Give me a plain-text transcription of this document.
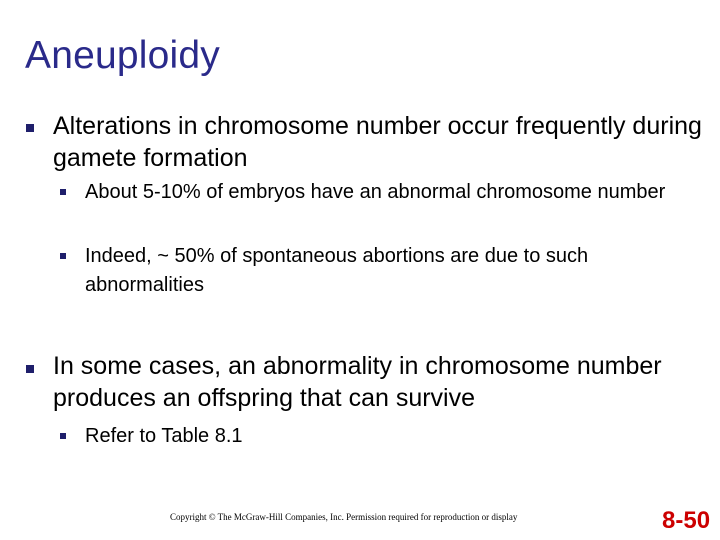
Aneuploidy
Alterations in chromosome number occur frequently during gamete formation
About 5-10% of embryos have an abnormal chromosome number
Indeed, ~ 50% of spontaneous abortions are due to such abnormalities
In some cases, an abnormality in chromosome number produces an offspring that can survive
Refer to Table 8.1
Copyright © The McGraw-Hill Companies, Inc. Permission required for reproduction or display	8-50
